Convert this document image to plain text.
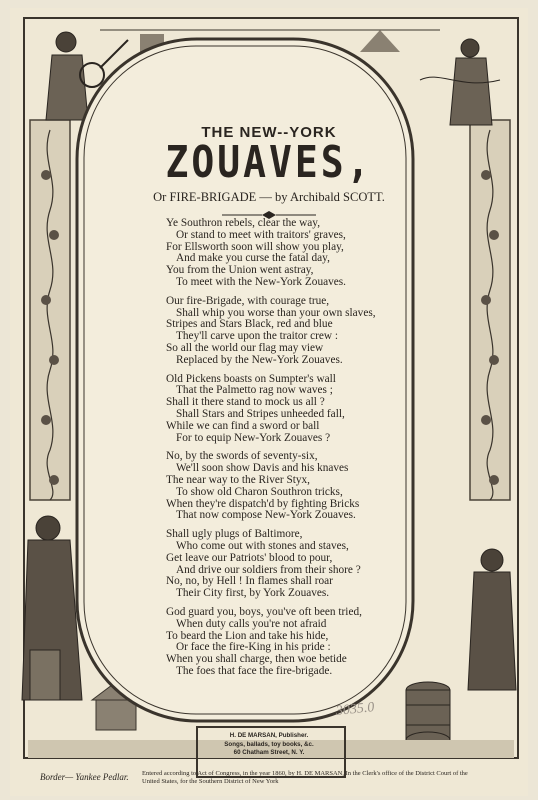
THE NEW--YORK
ZOUAVES,
Or FIRE-BRIGADE — by Archibald SCOTT.
Ye Southron rebels, clear the way,
Or stand to meet with traitors' graves,
For Ellsworth soon will show you play,
And make you curse the fatal day,
You from the Union went astray,
To meet with the New-York Zouaves.
Our fire-Brigade, with courage true,
Shall whip you worse than your own slaves,
Stripes and Stars Black, red and blue
They'll carve upon the traitor crew :
So all the world our flag may view
Replaced by the New-York Zouaves.
Old Pickens boasts on Sumpter's wall
That the Palmetto rag now waves ;
Shall it there stand to mock us all ?
Shall Stars and Stripes unheeded fall,
While we can find a sword or ball
For to equip New-York Zouaves ?
No, by the swords of seventy-six,
We'll soon show Davis and his knaves
The near way to the River Styx,
To show old Charon Southron tricks,
When they're dispatch'd by fighting Bricks
That now compose New-York Zouaves.
Shall ugly plugs of Baltimore,
Who come out with stones and staves,
Get leave our Patriots' blood to pour,
And drive our soldiers from their shore ?
No, no, by Hell ! In flames shall roar
Their City first, by York Zouaves.
God guard you, boys, you've oft been tried,
When duty calls you're not afraid
To beard the Lion and take his hide,
Or face the fire-King in his pride :
When you shall charge, then woe betide
The foes that face the fire-brigade.
H. DE MARSAN, Publisher.
Songs, ballads, toy books, &c.
60 Chatham Street, N. Y.
3035.0
Border— Yankee Pedlar. Entered according to Act of Congress, in the year 1860, by H. DE MARSAN, In the Clerk's office of the District Court of the United States, for the Southern District of New York
